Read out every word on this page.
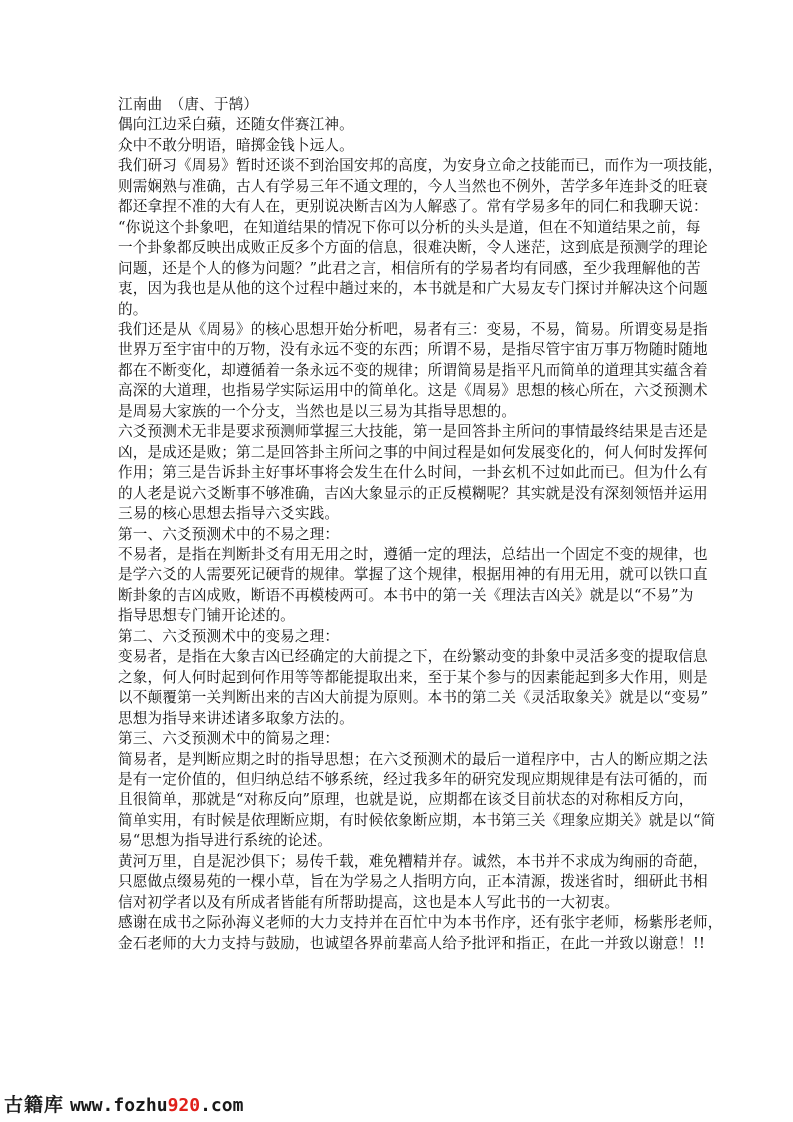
江南曲　（唐、于鹄）
偶向江边采白蘋，还随女伴赛江神。
众中不敢分明语，暗掷金钱卜远人。
我们研习《周易》暂时还谈不到治国安邦的高度，为安身立命之技能而已，而作为一项技能，
则需娴熟与准确，古人有学易三年不通文理的，今人当然也不例外，苦学多年连卦爻的旺衰
都还拿捏不准的大有人在，更别说决断吉凶为人解惑了。常有学易多年的同仁和我聊天说：
“你说这个卦象吧，在知道结果的情况下你可以分析的头头是道，但在不知道结果之前，每
一个卦象都反映出成败正反多个方面的信息，很难决断，令人迷茫，这到底是预测学的理论
问题，还是个人的修为问题？”此君之言，相信所有的学易者均有同感，至少我理解他的苦
衷，因为我也是从他的这个过程中趟过来的，本书就是和广大易友专门探讨并解决这个问题
的。
我们还是从《周易》的核心思想开始分析吧，易者有三：变易，不易，简易。所谓变易是指
世界万至宇宙中的万物，没有永远不变的东西；所谓不易，是指尽管宇宙万事万物随时随地
都在不断变化，却遵循着一条永远不变的规律；所谓简易是指平凡而简单的道理其实蕴含着
高深的大道理，也指易学实际运用中的简单化。这是《周易》思想的核心所在，六爻预测术
是周易大家族的一个分支，当然也是以三易为其指导思想的。
六爻预测术无非是要求预测师掌握三大技能，第一是回答卦主所问的事情最终结果是吉还是
凶，是成还是败；第二是回答卦主所问之事的中间过程是如何发展变化的，何人何时发挥何
作用；第三是告诉卦主好事坏事将会发生在什么时间，一卦玄机不过如此而已。但为什么有
的人老是说六爻断事不够准确，吉凶大象显示的正反模糊呢？其实就是没有深刻领悟并运用
三易的核心思想去指导六爻实践。
第一、六爻预测术中的不易之理：
不易者，是指在判断卦爻有用无用之时，遵循一定的理法，总结出一个固定不变的规律，也
是学六爻的人需要死记硬背的规律。掌握了这个规律，根据用神的有用无用，就可以铁口直
断卦象的吉凶成败，断语不再模棱两可。本书中的第一关《理法吉凶关》就是以“不易”为
指导思想专门铺开论述的。
第二、六爻预测术中的变易之理：
变易者，是指在大象吉凶已经确定的大前提之下，在纷繁动变的卦象中灵活多变的提取信息
之象，何人何时起到何作用等等都能提取出来，至于某个参与的因素能起到多大作用，则是
以不颠覆第一关判断出来的吉凶大前提为原则。本书的第二关《灵活取象关》就是以“变易”
思想为指导来讲述诸多取象方法的。
第三、六爻预测术中的简易之理：
简易者，是判断应期之时的指导思想；在六爻预测术的最后一道程序中，古人的断应期之法
是有一定价值的，但归纳总结不够系统，经过我多年的研究发现应期规律是有法可循的，而
且很简单，那就是“对称反向”原理，也就是说，应期都在该爻目前状态的对称相反方向，
简单实用，有时候是依理断应期，有时候依象断应期，本书第三关《理象应期关》就是以“简
易“思想为指导进行系统的论述。
黄河万里，自是泥沙俱下；易传千载，难免糟精并存。诚然，本书并不求成为绚丽的奇葩，
只愿做点缀易苑的一棵小草，旨在为学易之人指明方向，正本清源，拨迷省时，细研此书相
信对初学者以及有所成者皆能有所帮助提高，这也是本人写此书的一大初衷。
感谢在成书之际孙海义老师的大力支持并在百忙中为本书作序，还有张宇老师，杨紫彤老师，
金石老师的大力支持与鼓励，也诚望各界前辈高人给予批评和指正，在此一并致以谢意！!!
古籍库 www.fozhu920.com
